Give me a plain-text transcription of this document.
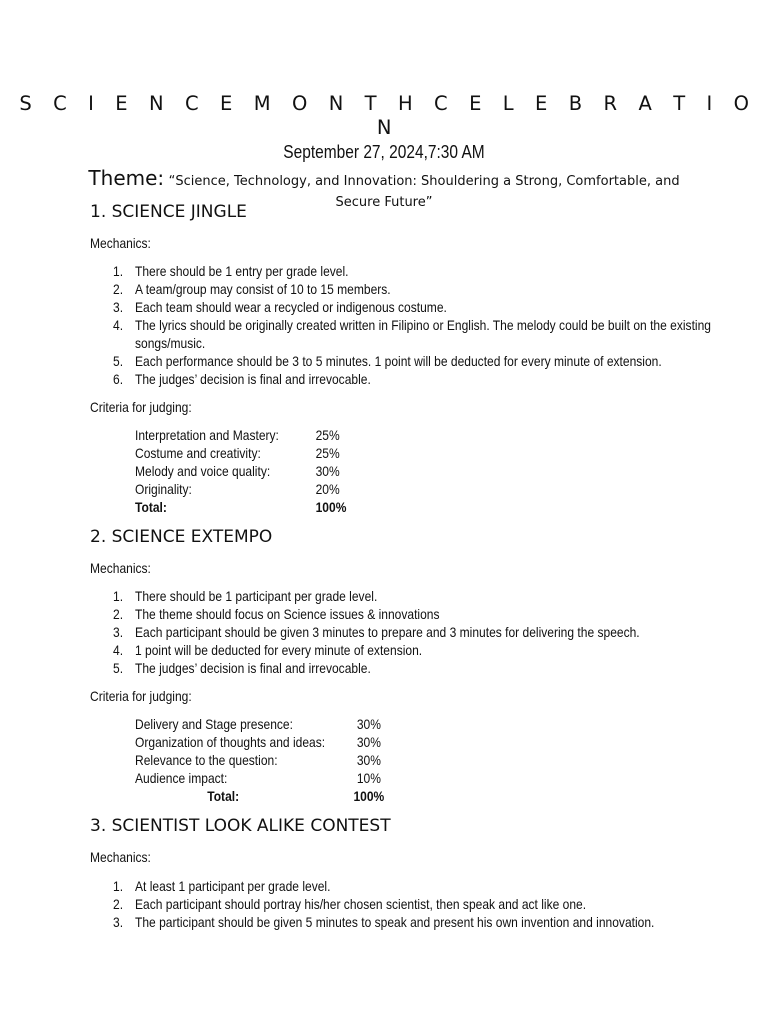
S C I E N C E M O N T H C E L E B R A T I O N

September 27, 2024,7:30 AM

Theme: “Science, Technology, and Innovation: Shouldering a Strong, Comfortable, and Secure Future”

1. SCIENCE JINGLE

Mechanics:

1. There should be 1 entry per grade level.
2. A team/group may consist of 10 to 15 members.
3. Each team should wear a recycled or indigenous costume.
4. The lyrics should be originally created written in Filipino or English. The melody could be built on the existing songs/music.
5. Each performance should be 3 to 5 minutes. 1 point will be deducted for every minute of extension.
6. The judges’ decision is final and irrevocable.

Criteria for judging:

Interpretation and Mastery:	25%
Costume and creativity:	25%
Melody and voice quality:	30%
Originality:	20%
Total:	100%
2. SCIENCE EXTEMPO

Mechanics:

1. There should be 1 participant per grade level.
2. The theme should focus on Science issues & innovations
3. Each participant should be given 3 minutes to prepare and 3 minutes for delivering the speech.
4. 1 point will be deducted for every minute of extension.
5. The judges’ decision is final and irrevocable.

Criteria for judging:

Delivery and Stage presence:	30%
Organization of thoughts and ideas: 30%
Relevance to the question:	30%
Audience impact:	10%
Total:	100%
3. SCIENTIST LOOK ALIKE CONTEST

Mechanics:

1. At least 1 participant per grade level.
2. Each participant should portray his/her chosen scientist, then speak and act like one.
3. The participant should be given 5 minutes to speak and present his own invention and innovation.
